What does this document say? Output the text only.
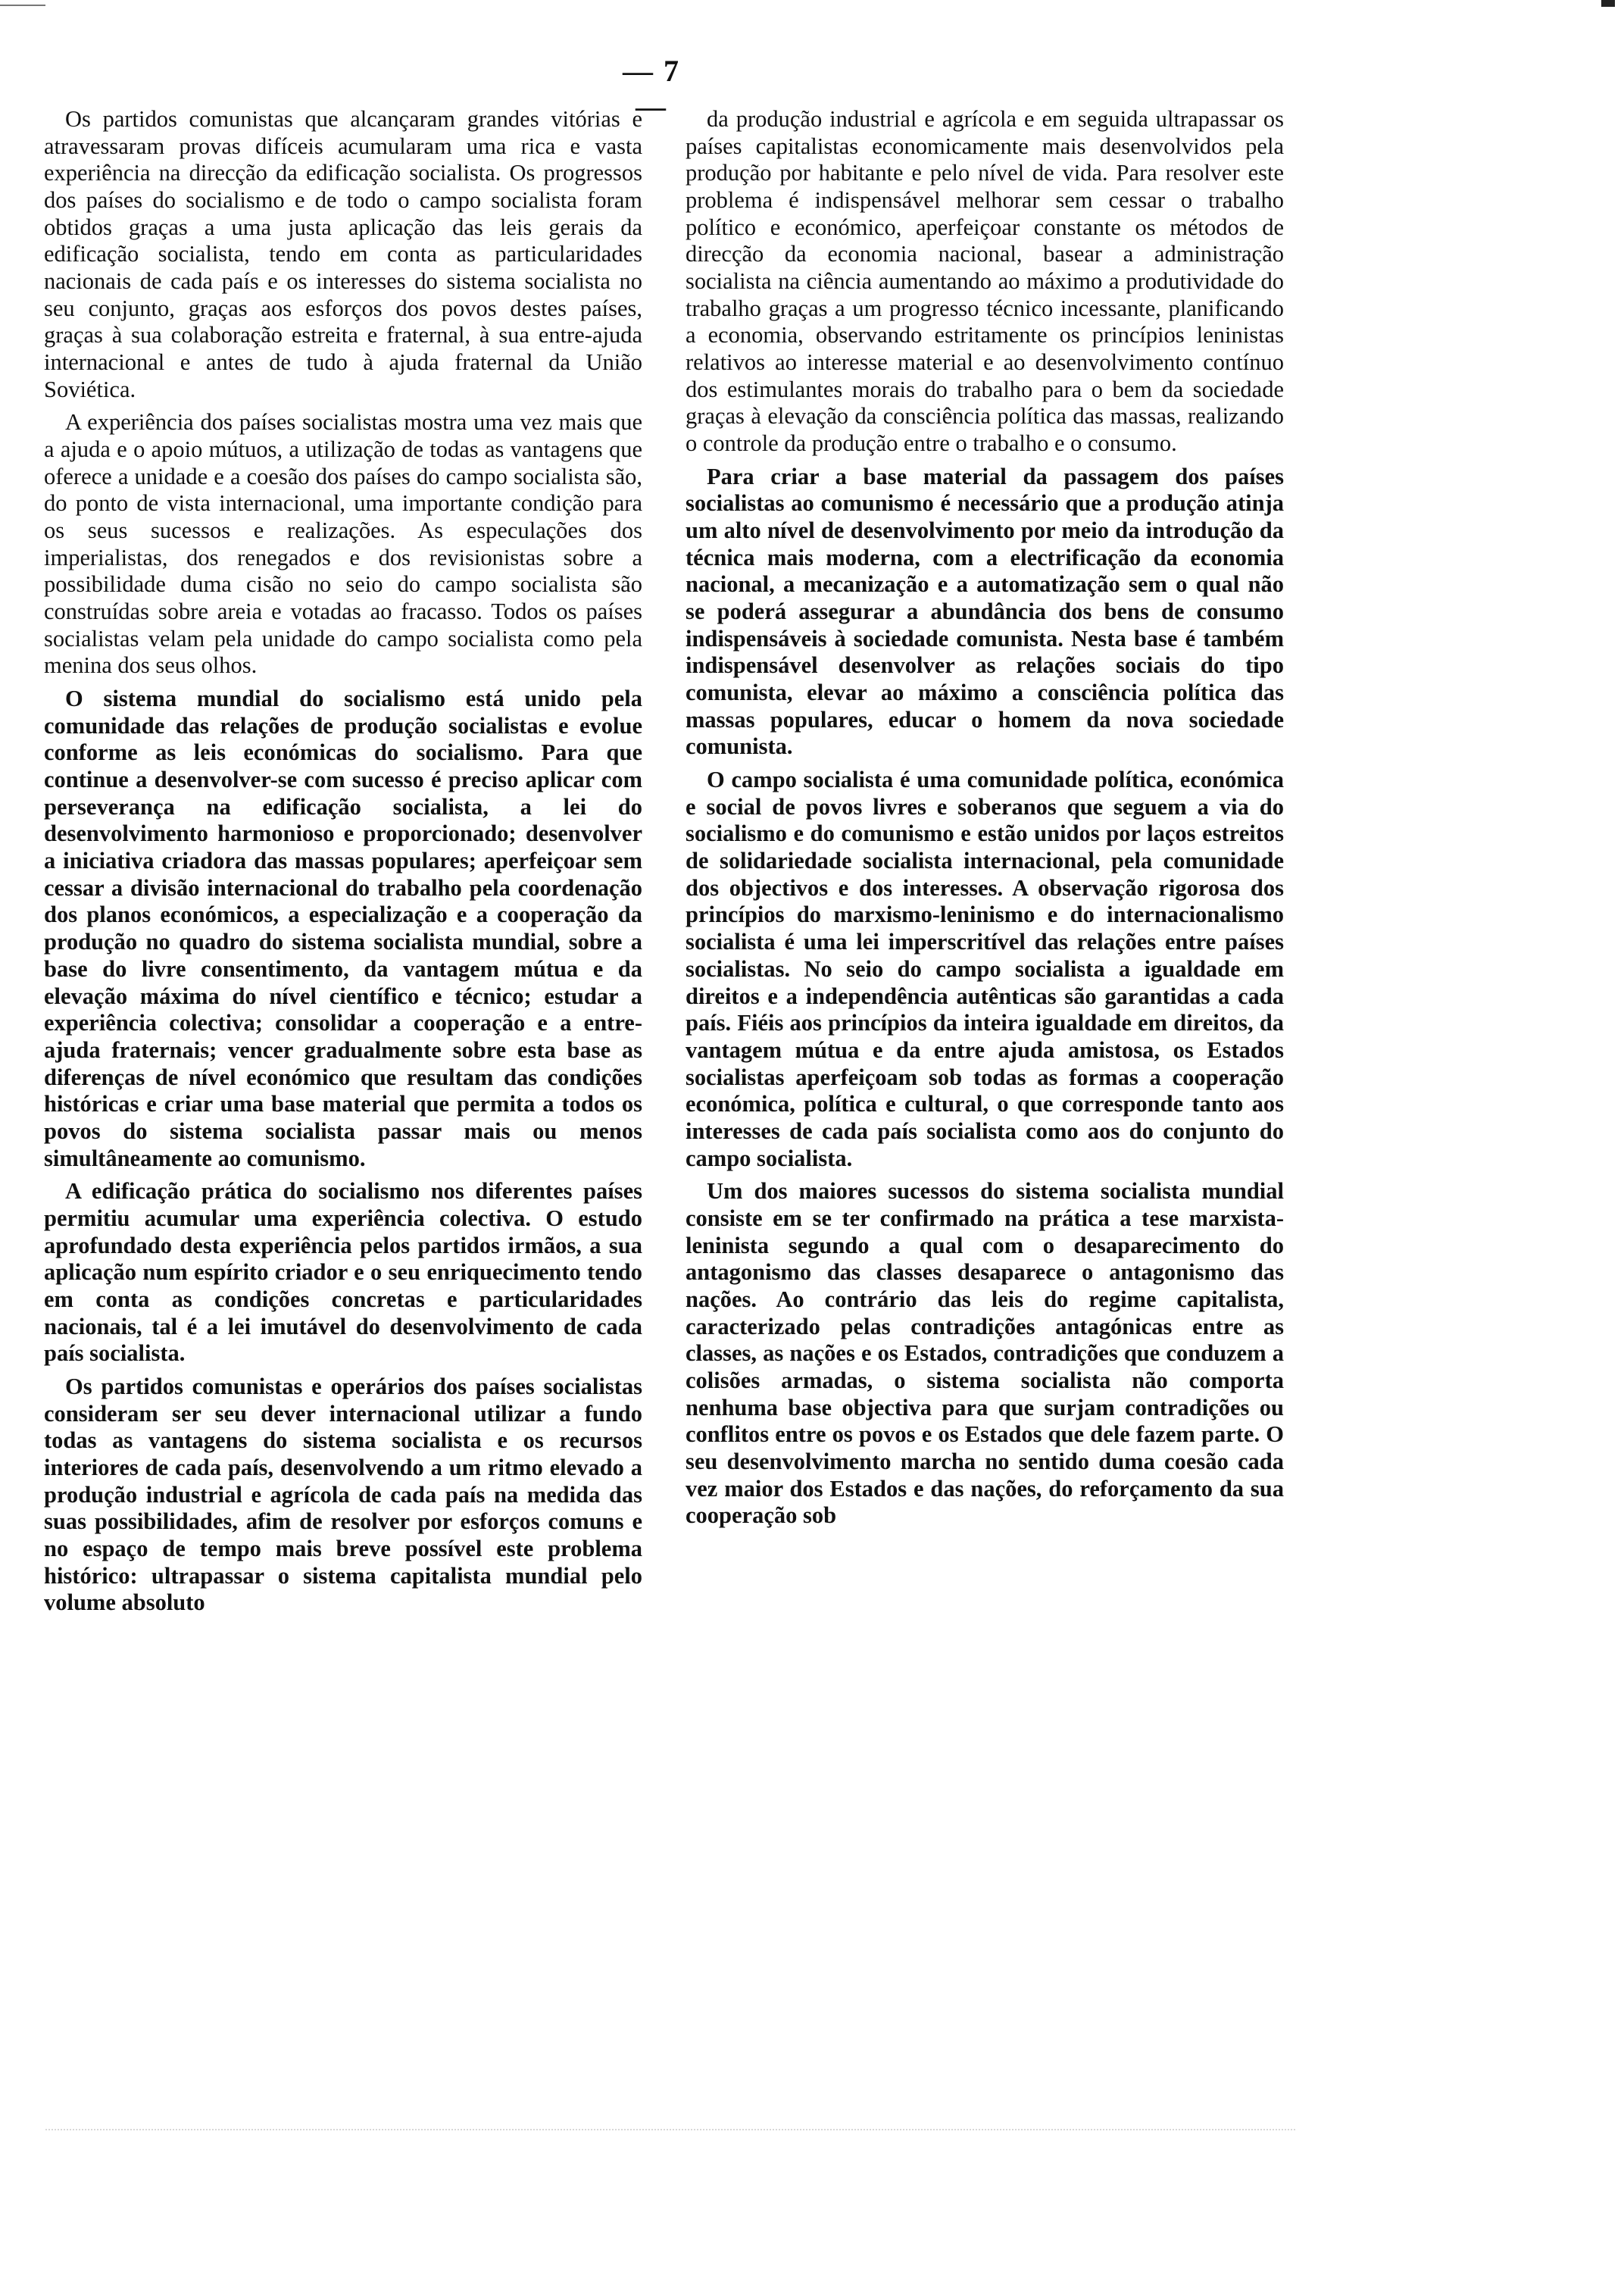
— 7 —

Os partidos comunistas que alcançaram grandes vitórias e atravessaram provas difíceis acumularam uma rica e vasta experiência na direcção da edificação socialista. Os progressos dos países do socialismo e de todo o campo socialista foram obtidos graças a uma justa aplicação das leis gerais da edificação socialista, tendo em conta as particularidades nacionais de cada país e os interesses do sistema socialista no seu conjunto, graças aos esforços dos povos destes países, graças à sua colaboração estreita e fraternal, à sua entre-ajuda internacional e antes de tudo à ajuda fraternal da União Soviética.

A experiência dos países socialistas mostra uma vez mais que a ajuda e o apoio mútuos, a utilização de todas as vantagens que oferece a unidade e a coesão dos países do campo socialista são, do ponto de vista internacional, uma importante condição para os seus sucessos e realizações. As especulações dos imperialistas, dos renegados e dos revisionistas sobre a possibilidade duma cisão no seio do campo socialista são construídas sobre areia e votadas ao fracasso. Todos os países socialistas velam pela unidade do campo socialista como pela menina dos seus olhos.

O sistema mundial do socialismo está unido pela comunidade das relações de produção socialistas e evolue conforme as leis económicas do socialismo. Para que continue a desenvolver-se com sucesso é preciso aplicar com perseverança na edificação socialista, a lei do desenvolvimento harmonioso e proporcionado; desenvolver a iniciativa criadora das massas populares; aperfeiçoar sem cessar a divisão internacional do trabalho pela coordenação dos planos económicos, a especialização e a cooperação da produção no quadro do sistema socialista mundial, sobre a base do livre consentimento, da vantagem mútua e da elevação máxima do nível científico e técnico; estudar a experiência colectiva; consolidar a cooperação e a entre-ajuda fraternais; vencer gradualmente sobre esta base as diferenças de nível económico que resultam das condições históricas e criar uma base material que permita a todos os povos do sistema socialista passar mais ou menos simultâneamente ao comunismo.

A edificação prática do socialismo nos diferentes países permitiu acumular uma experiência colectiva. O estudo aprofundado desta experiência pelos partidos irmãos, a sua aplicação num espírito criador e o seu enriquecimento tendo em conta as condições concretas e particularidades nacionais, tal é a lei imutável do desenvolvimento de cada país socialista.

Os partidos comunistas e operários dos países socialistas consideram ser seu dever internacional utilizar a fundo todas as vantagens do sistema socialista e os recursos interiores de cada país, desenvolvendo a um ritmo elevado a produção industrial e agrícola de cada país na medida das suas possibilidades, afim de resolver por esforços comuns e no espaço de tempo mais breve possível este problema histórico: ultrapassar o sistema capitalista mundial pelo volume absoluto

da produção industrial e agrícola e em seguida ultrapassar os países capitalistas economicamente mais desenvolvidos pela produção por habitante e pelo nível de vida. Para resolver este problema é indispensável melhorar sem cessar o trabalho político e económico, aperfeiçoar constante os métodos de direcção da economia nacional, basear a administração socialista na ciência aumentando ao máximo a produtividade do trabalho graças a um progresso técnico incessante, planificando a economia, observando estritamente os princípios leninistas relativos ao interesse material e ao desenvolvimento contínuo dos estimulantes morais do trabalho para o bem da sociedade graças à elevação da consciência política das massas, realizando o controle da produção entre o trabalho e o consumo.

Para criar a base material da passagem dos países socialistas ao comunismo é necessário que a produção atinja um alto nível de desenvolvimento por meio da introdução da técnica mais moderna, com a electrificação da economia nacional, a mecanização e a automatização sem o qual não se poderá assegurar a abundância dos bens de consumo indispensáveis à sociedade comunista. Nesta base é também indispensável desenvolver as relações sociais do tipo comunista, elevar ao máximo a consciência política das massas populares, educar o homem da nova sociedade comunista.

O campo socialista é uma comunidade política, económica e social de povos livres e soberanos que seguem a via do socialismo e do comunismo e estão unidos por laços estreitos de solidariedade socialista internacional, pela comunidade dos objectivos e dos interesses. A observação rigorosa dos princípios do marxismo-leninismo e do internacionalismo socialista é uma lei imperscritível das relações entre países socialistas. No seio do campo socialista a igualdade em direitos e a independência autênticas são garantidas a cada país. Fiéis aos princípios da inteira igualdade em direitos, da vantagem mútua e da entre ajuda amistosa, os Estados socialistas aperfeiçoam sob todas as formas a cooperação económica, política e cultural, o que corresponde tanto aos interesses de cada país socialista como aos do conjunto do campo socialista.

Um dos maiores sucessos do sistema socialista mundial consiste em se ter confirmado na prática a tese marxista-leninista segundo a qual com o desaparecimento do antagonismo das classes desaparece o antagonismo das nações. Ao contrário das leis do regime capitalista, caracterizado pelas contradições antagónicas entre as classes, as nações e os Estados, contradições que conduzem a colisões armadas, o sistema socialista não comporta nenhuma base objectiva para que surjam contradições ou conflitos entre os povos e os Estados que dele fazem parte. O seu desenvolvimento marcha no sentido duma coesão cada vez maior dos Estados e das nações, do reforçamento da sua cooperação sob
